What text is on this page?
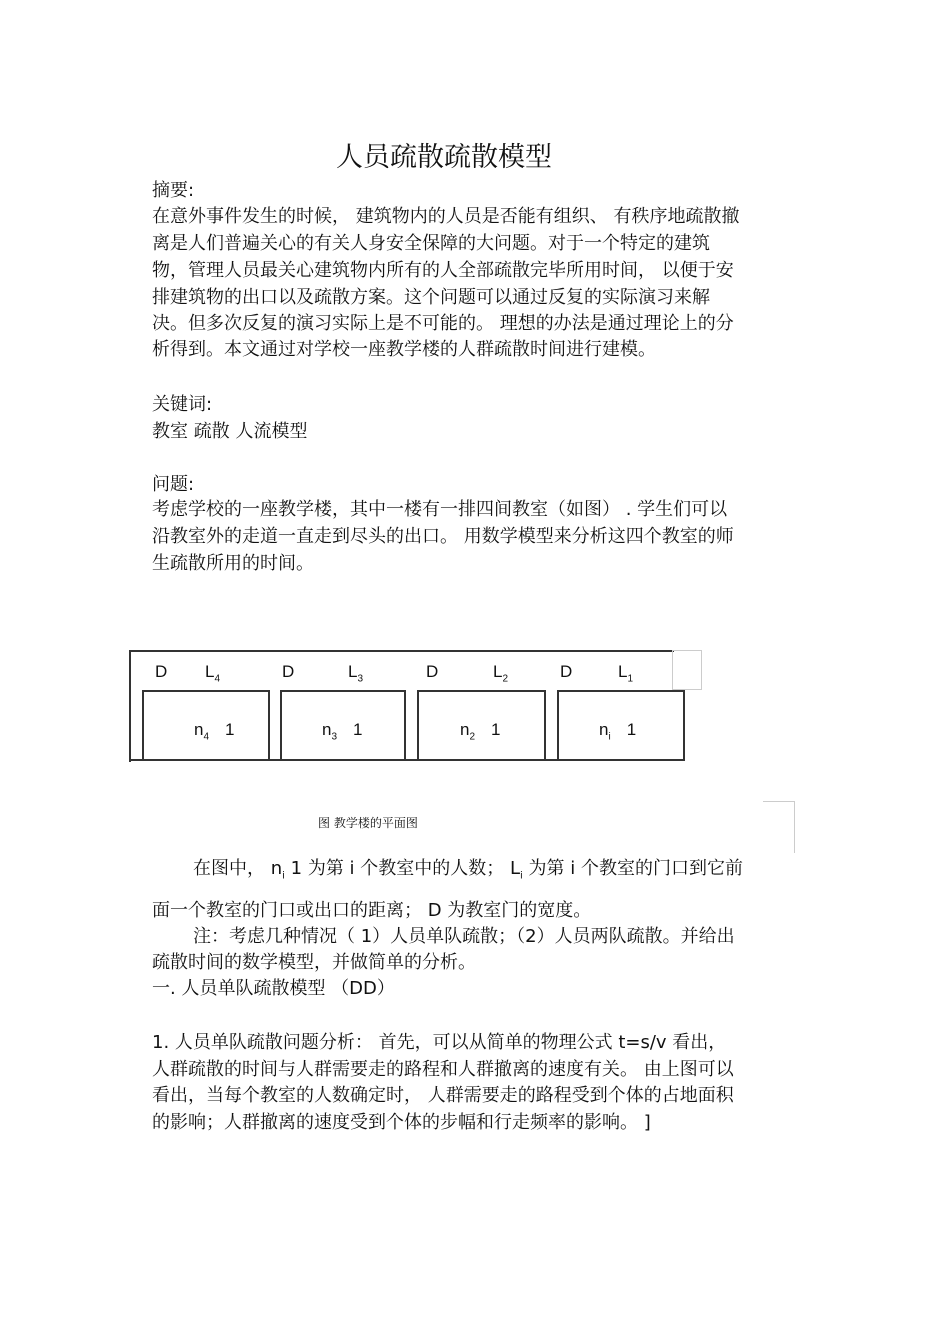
人员疏散疏散模型
摘要:
在意外事件发生的时候， 建筑物内的人员是否能有组织、 有秩序地疏散撤
离是人们普遍关心的有关人身安全保障的大问题。对于一个特定的建筑
物，管理人员最关心建筑物内所有的人全部疏散完毕所用时间， 以便于安
排建筑物的出口以及疏散方案。这个问题可以通过反复的实际演习来解
决。但多次反复的演习实际上是不可能的。 理想的办法是通过理论上的分
析得到。本文通过对学校一座教学楼的人群疏散时间进行建模。
关键词:
教室 疏散 人流模型
问题:
考虑学校的一座教学楼，其中一楼有一排四间教室（如图） . 学生们可以
沿教室外的走道一直走到尽头的出口。 用数学模型来分析这四个教室的师
生疏散所用的时间。
D $L_4$	D	$L_3$	D	$L_2$	D	$L_1$
$n_4$ 1	$n_3$ 1	$n_2$ 1	$n_i$ 1
图 教学楼的平面图
在图中， $n_i$ 1 为第 i 个教室中的人数； $L_i$ 为第 i 个教室的门口到它前
面一个教室的门口或出口的距离； D 为教室门的宽度。
注：考虑几种情况（ 1）人员单队疏散；（2）人员两队疏散。并给出
疏散时间的数学模型，并做简单的分析。
一. 人员单队疏散模型 （DD）
1. 人员单队疏散问题分析： 首先，可以从简单的物理公式 t=s/v 看出，
人群疏散的时间与人群需要走的路程和人群撤离的速度有关。 由上图可以
看出，当每个教室的人数确定时， 人群需要走的路程受到个体的占地面积
的影响；人群撤离的速度受到个体的步幅和行走频率的影响。 ]
